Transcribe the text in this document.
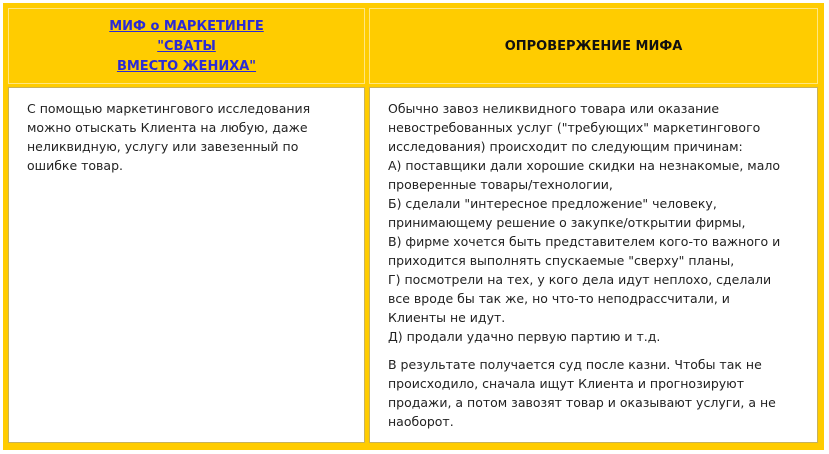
МИФ о МАРКЕТИНГЕ
"СВАТЫ
ВМЕСТО ЖЕНИХА"
ОПРОВЕРЖЕНИЕ МИФА
С помощью маркетингового исследования можно отыскать Клиента на любую, даже неликвидную, услугу или завезенный по ошибке товар.

Обычно завоз неликвидного товара или оказание
невостребованных услуг ("требующих" маркетингового
исследования) происходит по следующим причинам:
А) поставщики дали хорошие скидки на незнакомые, мало
проверенные товары/технологии,
Б) сделали "интересное предложение" человеку,
принимающему решение о закупке/открытии фирмы,
В) фирме хочется быть представителем кого-то важного и
приходится выполнять спускаемые "сверху" планы,
Г) посмотрели на тех, у кого дела идут неплохо, сделали
все вроде бы так же, но что-то неподрассчитали, и
Клиенты не идут.
Д) продали удачно первую партию и т.д.

В результате получается суд после казни. Чтобы так не
происходило, сначала ищут Клиента и прогнозируют
продажи, а потом завозят товар и оказывают услуги, а не
наоборот.
